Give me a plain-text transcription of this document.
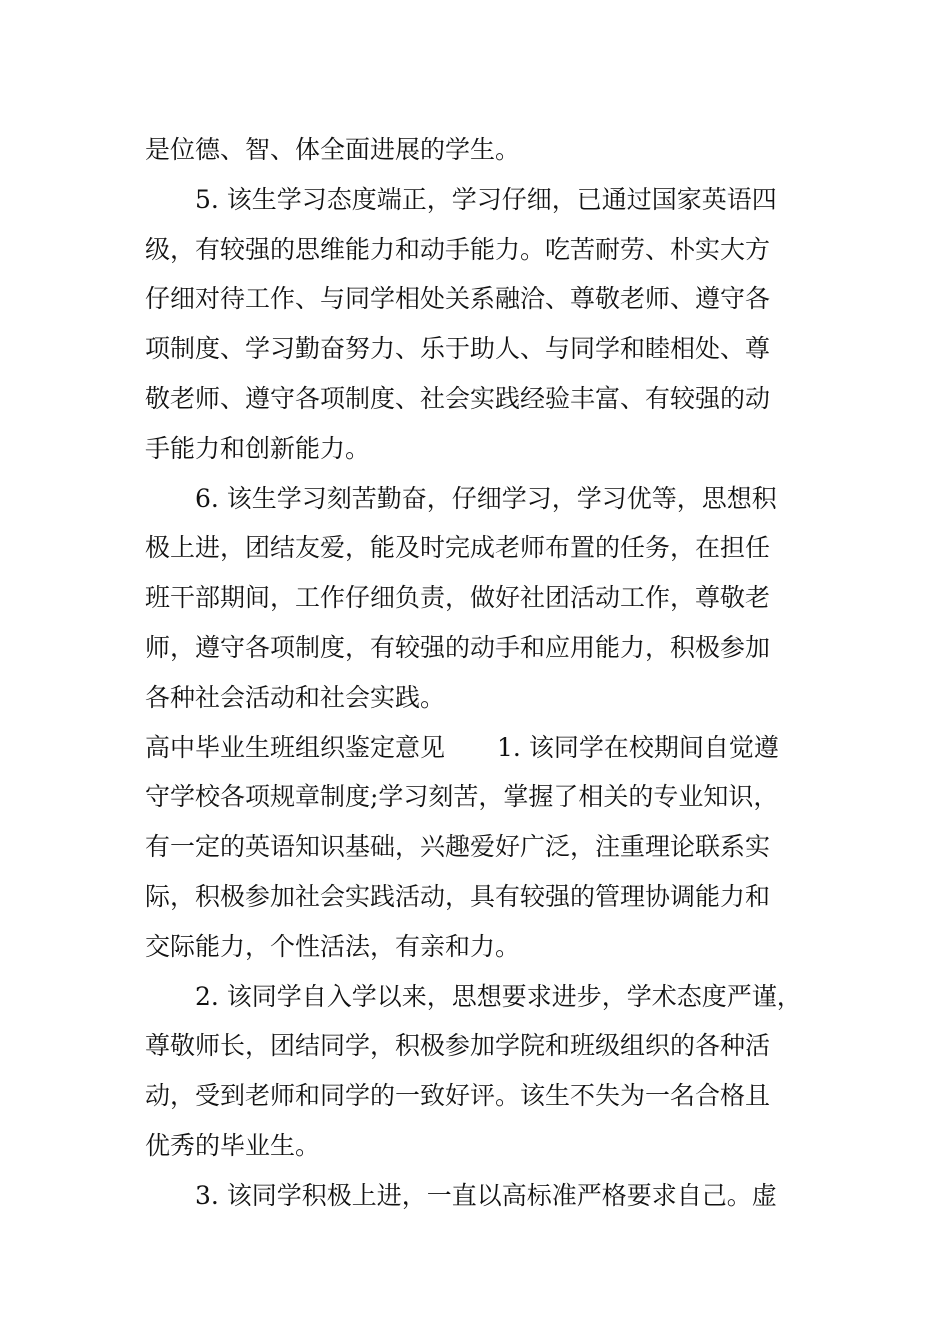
是位德、智、体全面进展的学生。
5. 该生学习态度端正，学习仔细，已通过国家英语四
级，有较强的思维能力和动手能力。吃苦耐劳、朴实大方
仔细对待工作、与同学相处关系融洽、尊敬老师、遵守各
项制度、学习勤奋努力、乐于助人、与同学和睦相处、尊
敬老师、遵守各项制度、社会实践经验丰富、有较强的动
手能力和创新能力。
6. 该生学习刻苦勤奋，仔细学习，学习优等，思想积
极上进，团结友爱，能及时完成老师布置的任务，在担任
班干部期间，工作仔细负责，做好社团活动工作，尊敬老
师，遵守各项制度，有较强的动手和应用能力，积极参加
各种社会活动和社会实践。
高中毕业生班组织鉴定意见 1. 该同学在校期间自觉遵
守学校各项规章制度;学习刻苦，掌握了相关的专业知识，
有一定的英语知识基础，兴趣爱好广泛，注重理论联系实
际，积极参加社会实践活动，具有较强的管理协调能力和
交际能力，个性活法，有亲和力。
2. 该同学自入学以来，思想要求进步，学术态度严谨，
尊敬师长，团结同学，积极参加学院和班级组织的各种活
动，受到老师和同学的一致好评。该生不失为一名合格且
优秀的毕业生。
3. 该同学积极上进，一直以高标准严格要求自己。虚
